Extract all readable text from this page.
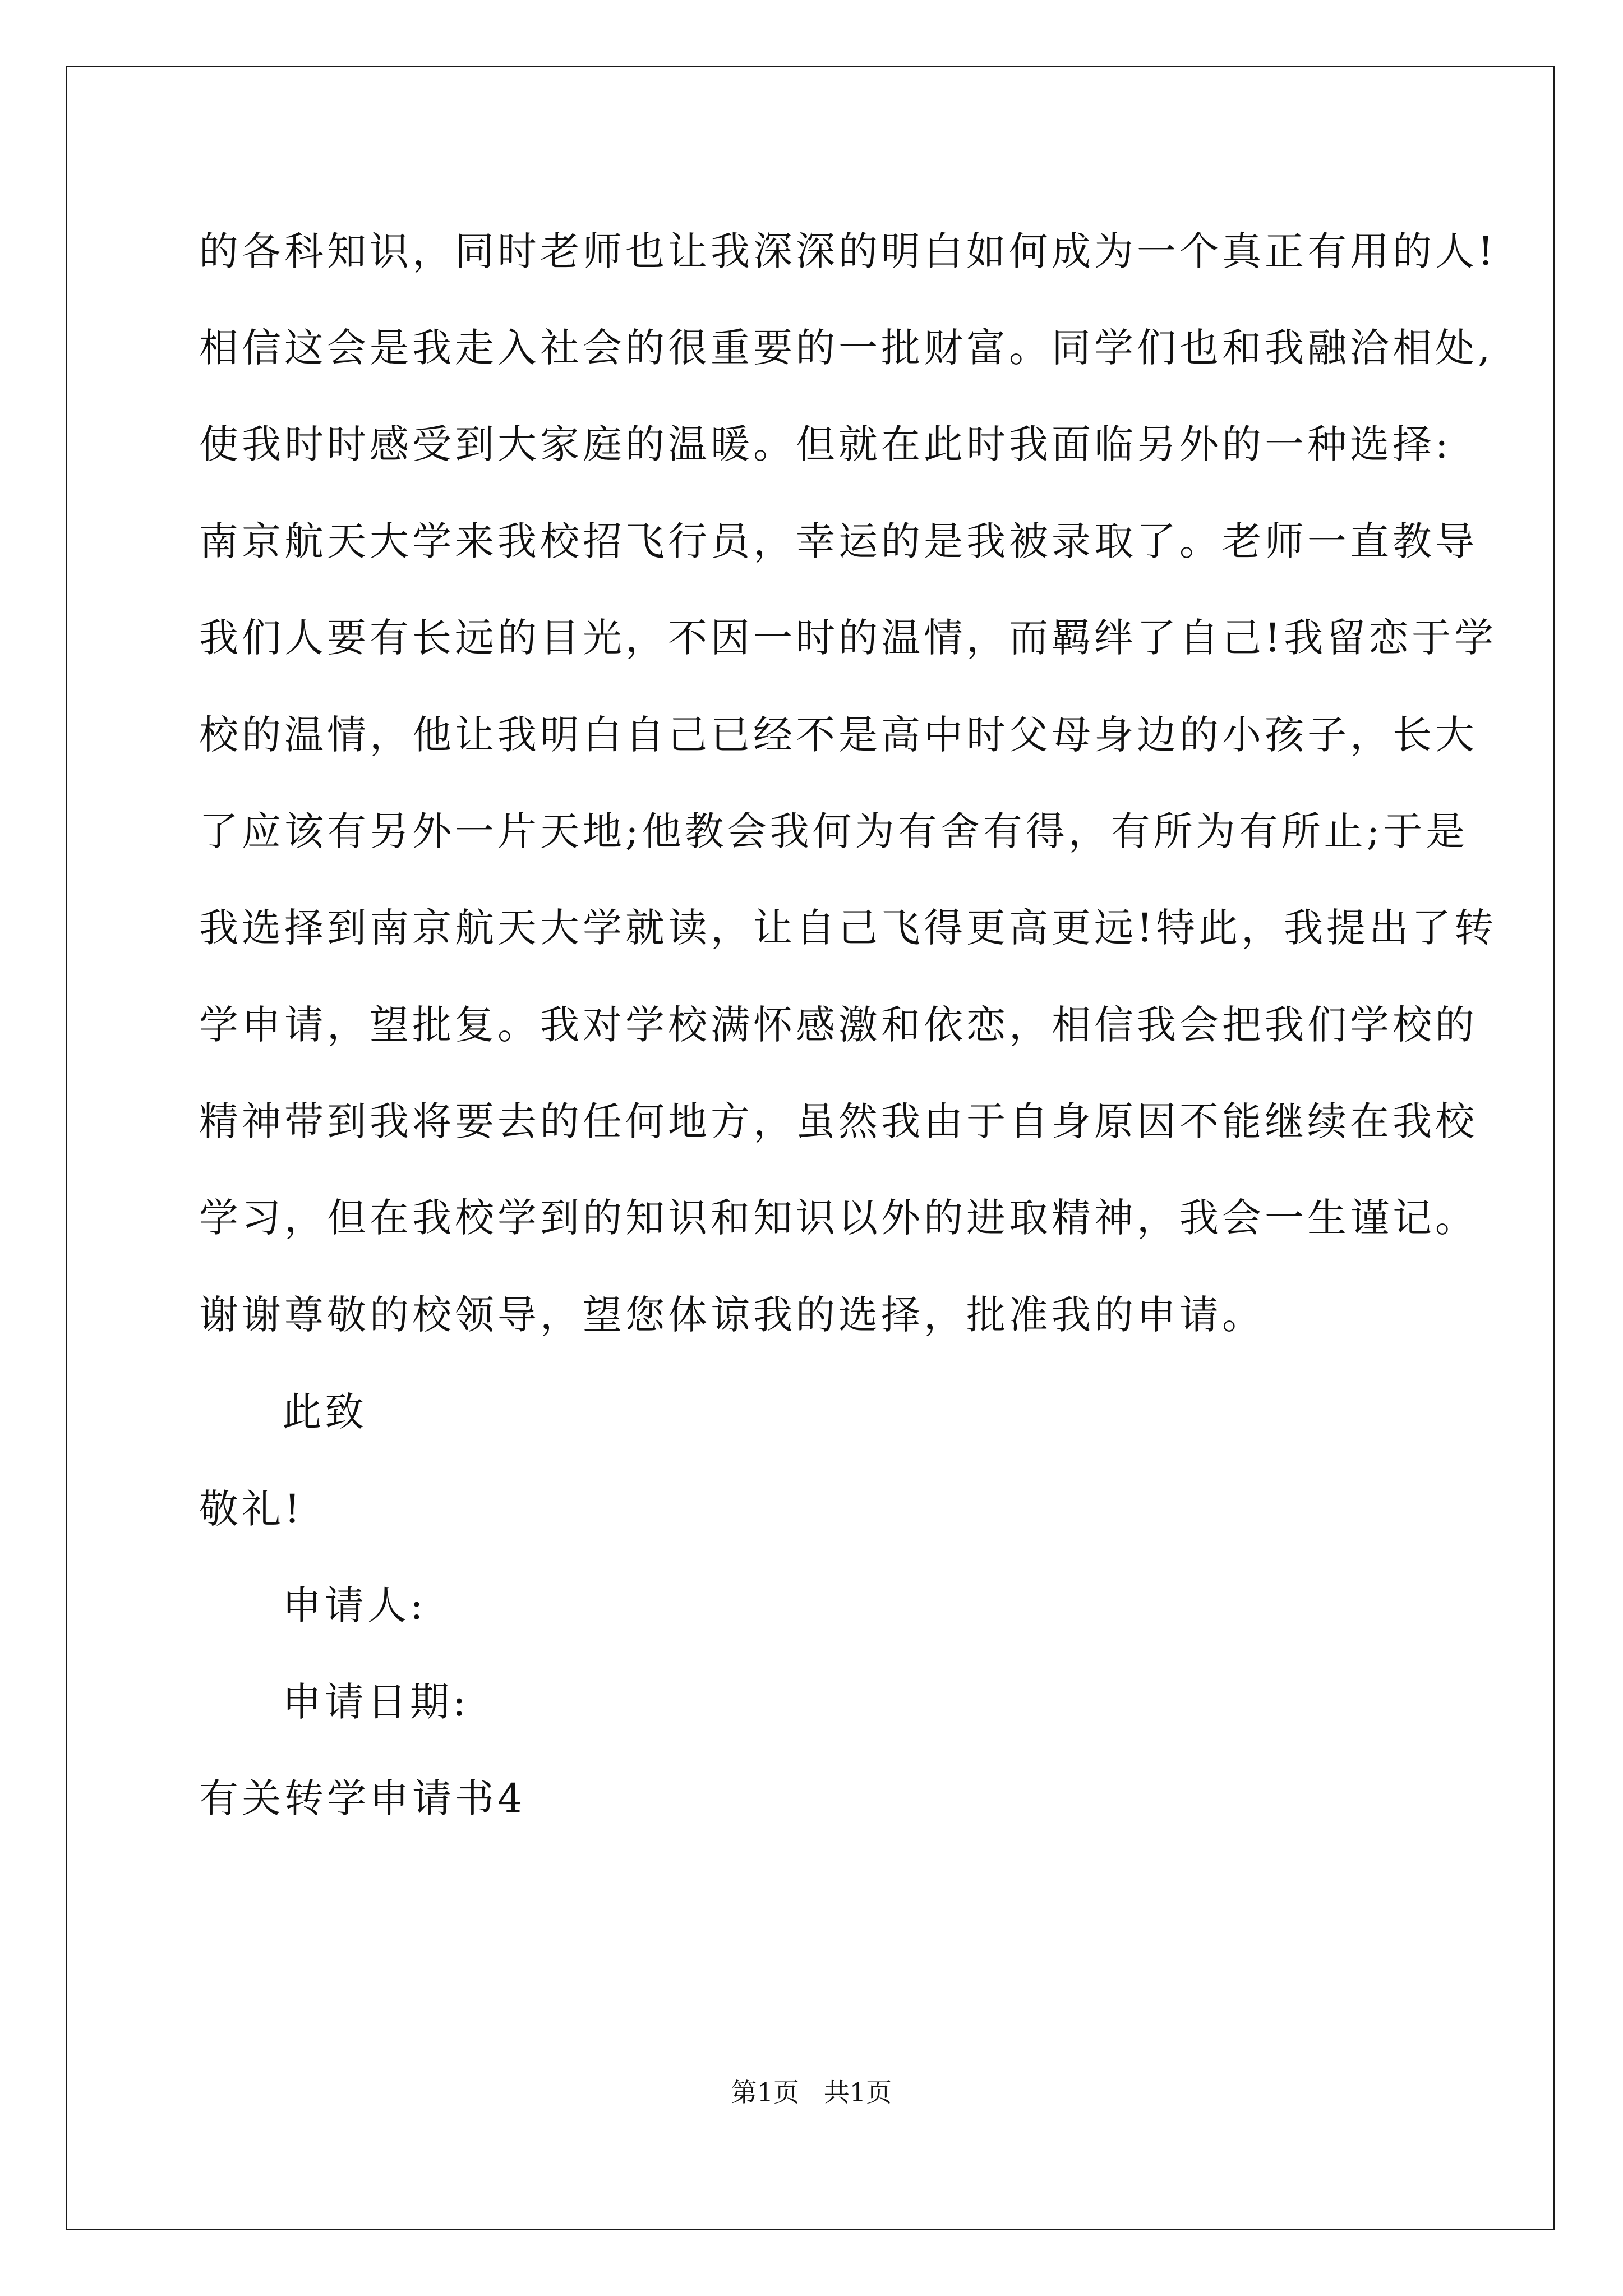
的各科知识，同时老师也让我深深的明白如何成为一个真正有用的人!
相信这会是我走入社会的很重要的一批财富。同学们也和我融洽相处,
使我时时感受到大家庭的温暖。但就在此时我面临另外的一种选择:
南京航天大学来我校招飞行员，幸运的是我被录取了。老师一直教导
我们人要有长远的目光，不因一时的温情，而羁绊了自己!我留恋于学
校的温情，他让我明白自己已经不是高中时父母身边的小孩子，长大
了应该有另外一片天地;他教会我何为有舍有得，有所为有所止;于是
我选择到南京航天大学就读，让自己飞得更高更远!特此，我提出了转
学申请，望批复。我对学校满怀感激和依恋，相信我会把我们学校的
精神带到我将要去的任何地方，虽然我由于自身原因不能继续在我校
学习，但在我校学到的知识和知识以外的进取精神，我会一生谨记。
谢谢尊敬的校领导，望您体谅我的选择，批准我的申请。
此致
敬礼!
申请人:
申请日期:
有关转学申请书4
第1页   共1页
